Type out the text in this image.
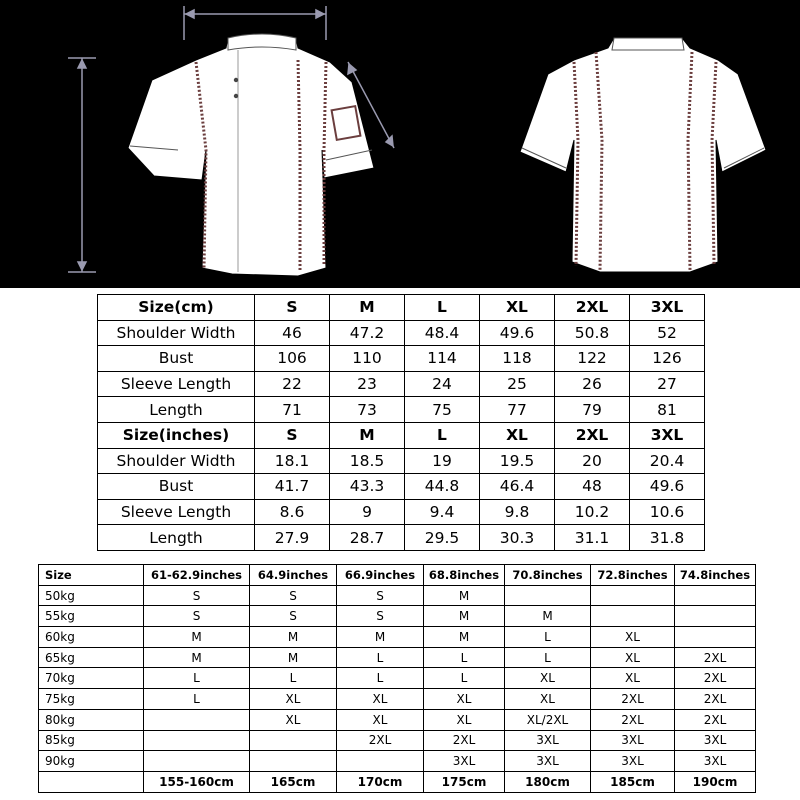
Size(cm)	S	M	L	XL	2XL	3XL
Shoulder Width	46	47.2	48.4	49.6	50.8	52
Bust	106	110	114	118	122	126
Sleeve Length	22	23	24	25	26	27
Length	71	73	75	77	79	81
Size(inches)	S	M	L	XL	2XL	3XL
Shoulder Width	18.1	18.5	19	19.5	20	20.4
Bust	41.7	43.3	44.8	46.4	48	49.6
Sleeve Length	8.6	9	9.4	9.8	10.2	10.6
Length	27.9	28.7	29.5	30.3	31.1	31.8
Size	61-62.9inches	64.9inches	66.9inches	68.8inches	70.8inches	72.8inches	74.8inches
50kg	S	S	S	M			
55kg	S	S	S	M	M		
60kg	M	M	M	M	L	XL	
65kg	M	M	L	L	L	XL	2XL
70kg	L	L	L	L	XL	XL	2XL
75kg	L	XL	XL	XL	XL	2XL	2XL
80kg		XL	XL	XL	XL/2XL	2XL	2XL
85kg			2XL	2XL	3XL	3XL	3XL
90kg				3XL	3XL	3XL	3XL
	155-160cm	165cm	170cm	175cm	180cm	185cm	190cm
